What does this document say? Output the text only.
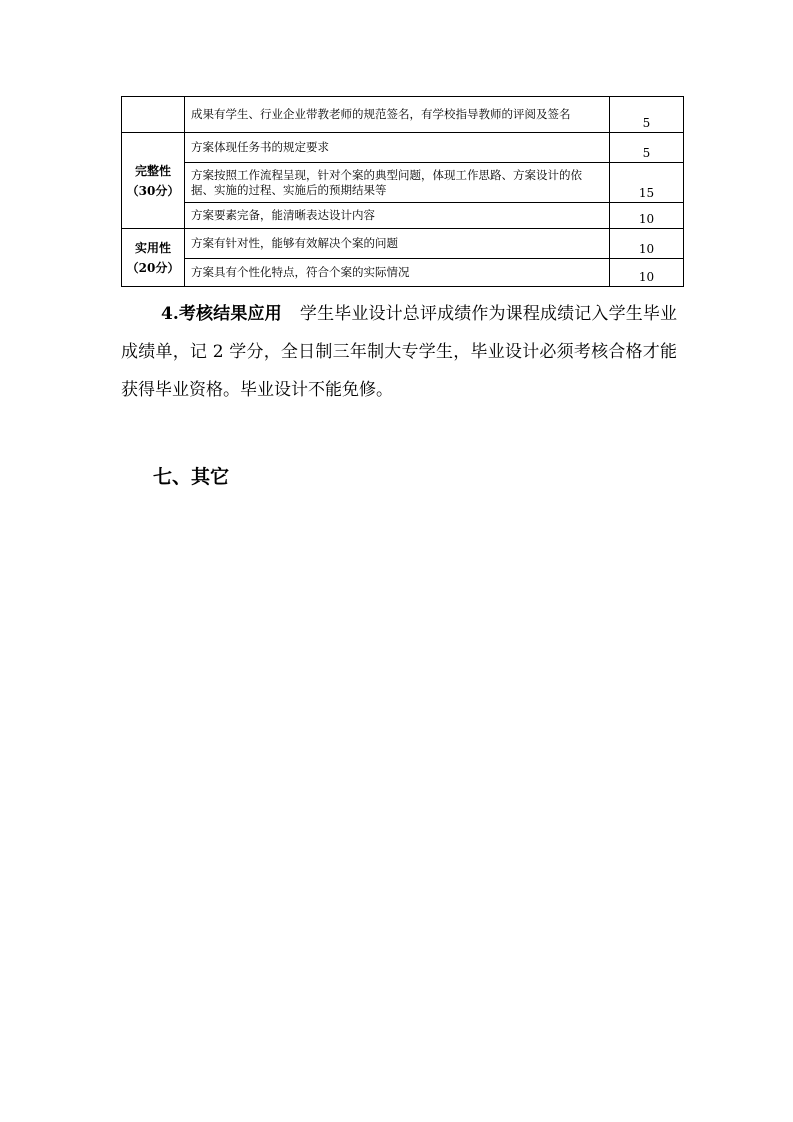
	成果有学生、行业企业带教老师的规范签名，有学校指导教师的评阅及签名	5

完整性
（30分）	方案体现任务书的规定要求	5
	方案按照工作流程呈现，针对个案的典型问题，体现工作思路、方案设计的依据、实施的过程、实施后的预期结果等	15
	方案要素完备，能清晰表达设计内容	10

实用性
（20分）	方案有针对性，能够有效解决个案的问题	10
	方案具有个性化特点，符合个案的实际情况	10
4.考核结果应用 学生毕业设计总评成绩作为课程成绩记入学生毕业成绩单，记 2 学分，全日制三年制大专学生，毕业设计必须考核合格才能获得毕业资格。毕业设计不能免修。
七、其它
